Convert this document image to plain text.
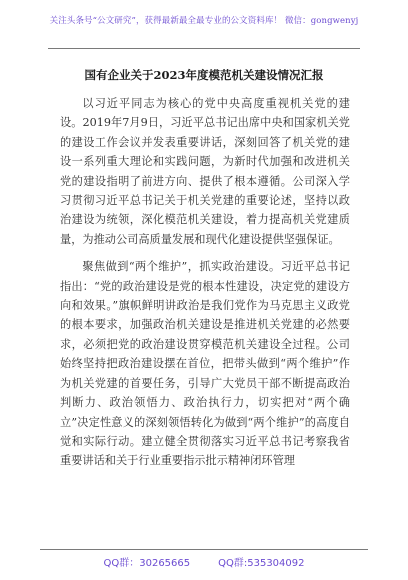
关注头条号“公文研究”，获得最新最全最专业的公文资料库！ 微信：gongwenyj
国有企业关于2023年度模范机关建设情况汇报

以习近平同志为核心的党中央高度重视机关党的建设。2019年7月9日，习近平总书记出席中央和国家机关党的建设工作会议并发表重要讲话，深刻回答了机关党的建设一系列重大理论和实践问题，为新时代加强和改进机关党的建设指明了前进方向、提供了根本遵循。公司深入学习贯彻习近平总书记关于机关党建的重要论述，坚持以政治建设为统领，深化模范机关建设，着力提高机关党建质量，为推动公司高质量发展和现代化建设提供坚强保证。

聚焦做到“两个维护”，抓实政治建设。习近平总书记指出：“党的政治建设是党的根本性建设，决定党的建设方向和效果。”旗帜鲜明讲政治是我们党作为马克思主义政党的根本要求，加强政治机关建设是推进机关党建的必然要求，必须把党的政治建设贯穿模范机关建设全过程。公司始终坚持把政治建设摆在首位，把带头做到“两个维护”作为机关党建的首要任务，引导广大党员干部不断提高政治判断力、政治领悟力、政治执行力，切实把对“两个确立”决定性意义的深刻领悟转化为做到“两个维护”的高度自觉和实际行动。建立健全贯彻落实习近平总书记考察我省重要讲话和关于行业重要指示批示精神闭环管理

QQ群：30265665	QQ群:535304092
